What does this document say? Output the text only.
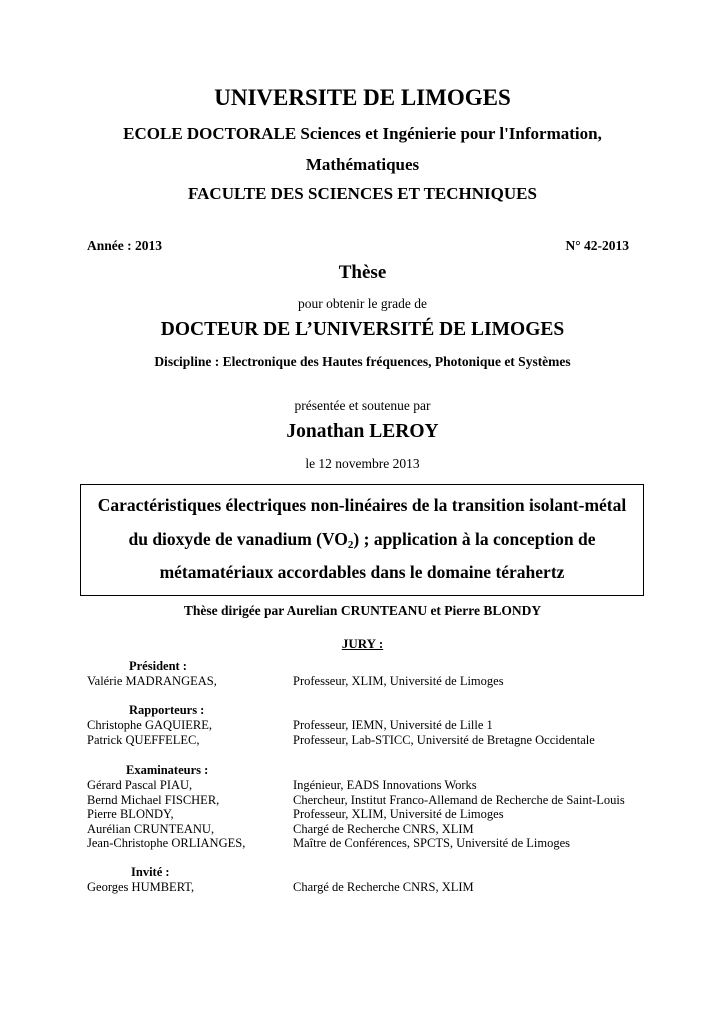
UNIVERSITE DE LIMOGES
ECOLE DOCTORALE Sciences et Ingénierie pour l'Information,
Mathématiques
FACULTE DES SCIENCES ET TECHNIQUES
Année : 2013	N° 42-2013
Thèse
pour obtenir le grade de
DOCTEUR DE L’UNIVERSITÉ DE LIMOGES
Discipline : Electronique des Hautes fréquences, Photonique et Systèmes
présentée et soutenue par
Jonathan LEROY
le 12 novembre 2013
Caractéristiques électriques non-linéaires de la transition isolant-métal
du dioxyde de vanadium $(VO_2)$ ; application à la conception de
métamatériaux accordables dans le domaine térahertz
Thèse dirigée par Aurelian CRUNTEANU et Pierre BLONDY
JURY :
Président :
Valérie MADRANGEAS,	Professeur, XLIM, Université de Limoges
Rapporteurs :
Christophe GAQUIERE,	Professeur, IEMN, Université de Lille 1
Patrick QUEFFELEC,	Professeur, Lab-STICC, Université de Bretagne Occidentale
Examinateurs :
Gérard Pascal PIAU,	Ingénieur, EADS Innovations Works
Bernd Michael FISCHER,	Chercheur, Institut Franco-Allemand de Recherche de Saint-Louis
Pierre BLONDY,	Professeur, XLIM, Université de Limoges
Aurélian CRUNTEANU,	Chargé de Recherche CNRS, XLIM
Jean-Christophe ORLIANGES,	Maître de Conférences, SPCTS, Université de Limoges
Invité :
Georges HUMBERT,	Chargé de Recherche CNRS, XLIM
